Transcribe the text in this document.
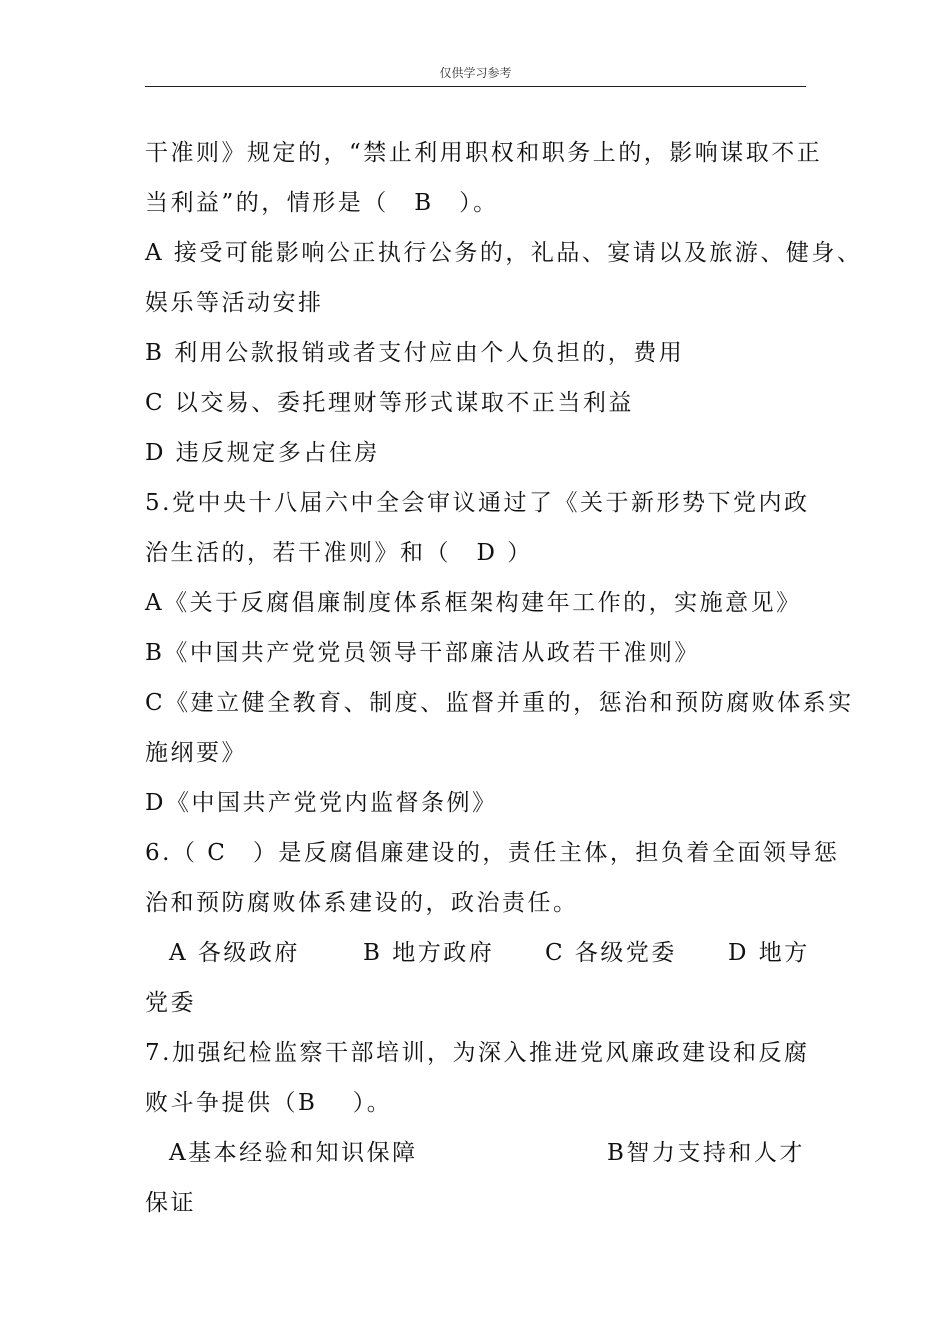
仅供学习参考
干准则》规定的，“禁止利用职权和职务上的，影响谋取不正
当利益”的，情形是（　B　）。
A 接受可能影响公正执行公务的，礼品、宴请以及旅游、健身、
娱乐等活动安排
B 利用公款报销或者支付应由个人负担的，费用
C 以交易、委托理财等形式谋取不正当利益
D 违反规定多占住房
5.党中央十八届六中全会审议通过了《关于新形势下党内政
治生活的，若干准则》和（　D ）
A《关于反腐倡廉制度体系框架构建年工作的，实施意见》
B《中国共产党党员领导干部廉洁从政若干准则》
C《建立健全教育、制度、监督并重的，惩治和预防腐败体系实
施纲要》
D《中国共产党党内监督条例》
6.（ C　）是反腐倡廉建设的，责任主体，担负着全面领导惩
治和预防腐败体系建设的，政治责任。
A 各级政府	B 地方政府 C 各级党委 D 地方
党委
7.加强纪检监察干部培训，为深入推进党风廉政建设和反腐
败斗争提供（B　 ）。
A基本经验和知识保障	B智力支持和人才
保证
